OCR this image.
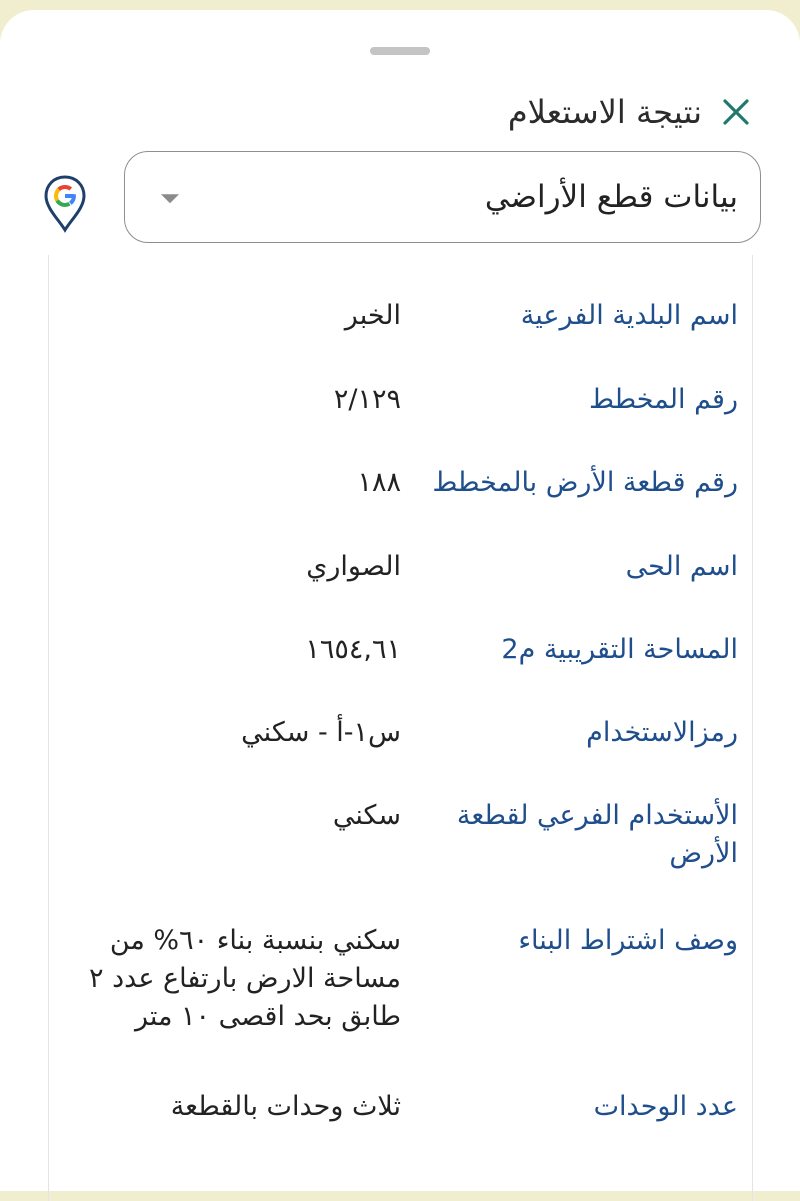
نتيجة الاستعلام
بيانات قطع الأراضي
اسم البلدية الفرعية
الخبر
رقم المخطط
٢/١٢٩
رقم قطعة الأرض بالمخطط
١٨٨
اسم الحى
الصواري
المساحة التقريبية م2
١٦٥٤,٦١
رمزالاستخدام
س١-أ - سكني
الأستخدام الفرعي لقطعة الأرض
سكني
وصف اشتراط البناء
سكني بنسبة بناء ٦٠% من مساحة الارض بارتفاع عدد ٢ طابق بحد اقصى ١٠ متر
عدد الوحدات
ثلاث وحدات بالقطعة
